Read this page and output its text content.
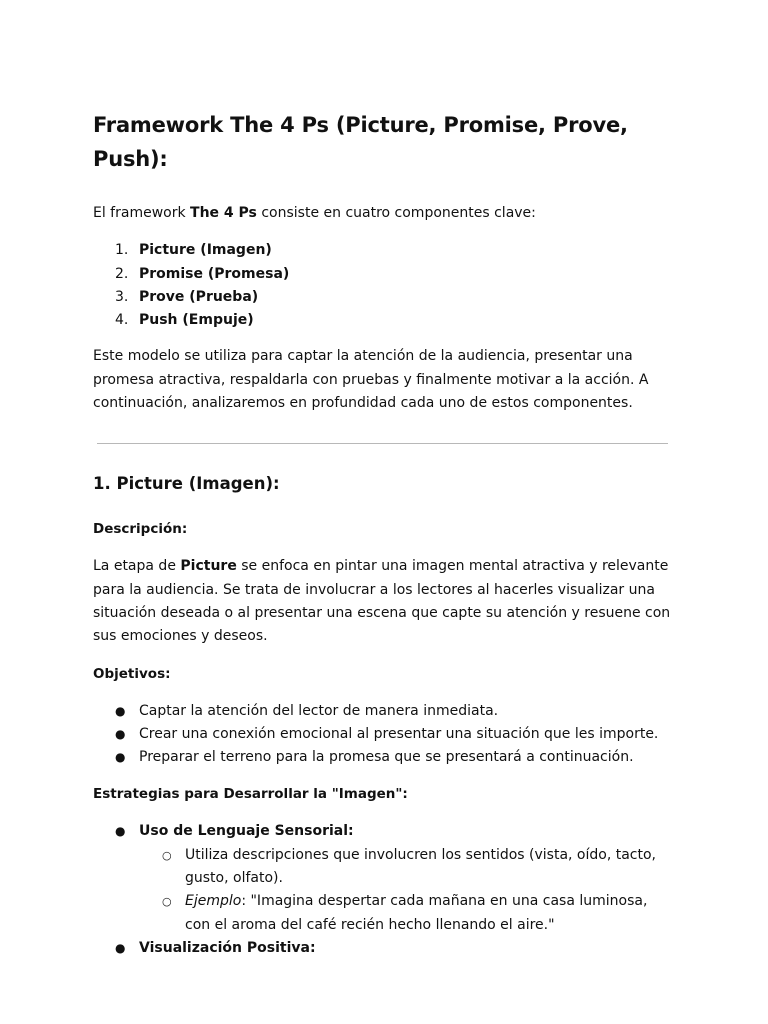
Framework The 4 Ps (Picture, Promise, Prove, Push):

El framework The 4 Ps consiste en cuatro componentes clave:

1. Picture (Imagen)
2. Promise (Promesa)
3. Prove (Prueba)
4. Push (Empuje)

Este modelo se utiliza para captar la atención de la audiencia, presentar una promesa atractiva, respaldarla con pruebas y finalmente motivar a la acción. A continuación, analizaremos en profundidad cada uno de estos componentes.

1. Picture (Imagen):

Descripción:

La etapa de Picture se enfoca en pintar una imagen mental atractiva y relevante para la audiencia. Se trata de involucrar a los lectores al hacerles visualizar una situación deseada o al presentar una escena que capte su atención y resuene con sus emociones y deseos.

Objetivos:

● Captar la atención del lector de manera inmediata.
● Crear una conexión emocional al presentar una situación que les importe.
● Preparar el terreno para la promesa que se presentará a continuación.

Estrategias para Desarrollar la "Imagen":

● Uso de Lenguaje Sensorial:
○ Utiliza descripciones que involucren los sentidos (vista, oído, tacto, gusto, olfato).
○ Ejemplo: "Imagina despertar cada mañana en una casa luminosa, con el aroma del café recién hecho llenando el aire."
● Visualización Positiva:
